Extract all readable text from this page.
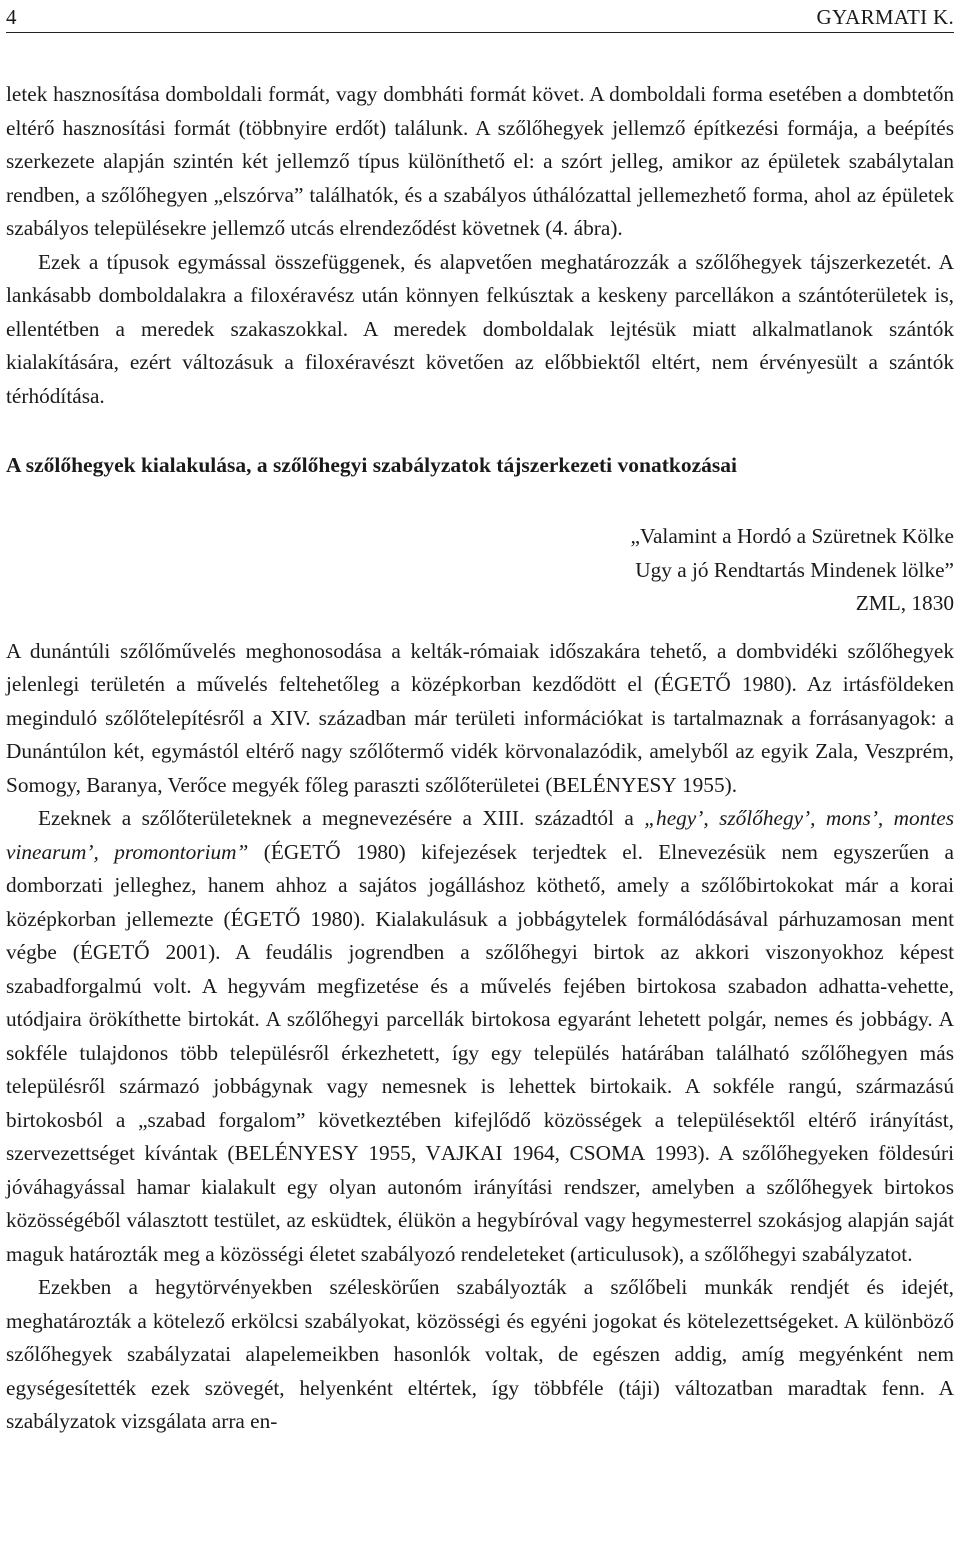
4	GYARMATI K.

letek hasznosítása domboldali formát, vagy dombháti formát követ. A domboldali forma esetében a dombtetőn eltérő hasznosítási formát (többnyire erdőt) találunk. A szőlőhegyek jellemző építkezési formája, a beépítés szerkezete alapján szintén két jellemző típus különíthető el: a szórt jelleg, amikor az épületek szabálytalan rendben, a szőlőhegyen „elszórva” találhatók, és a szabályos úthálózattal jellemezhető forma, ahol az épületek szabályos településekre jellemző utcás elrendeződést követnek (4. ábra).

Ezek a típusok egymással összefüggenek, és alapvetően meghatározzák a szőlőhegyek tájszerkezetét. A lankásabb domboldalakra a filoxéravész után könnyen felkúsztak a keskeny parcellákon a szántóterületek is, ellentétben a meredek szakaszokkal. A meredek domboldalak lejtésük miatt alkalmatlanok szántók kialakítására, ezért változásuk a filoxéravészt követően az előbbiektől eltért, nem érvényesült a szántók térhódítása.

A szőlőhegyek kialakulása, a szőlőhegyi szabályzatok tájszerkezeti vonatkozásai
„Valamint a Hordó a Szüretnek Kölke
Ugy a jó Rendtartás Mindenek lölke”
ZML, 1830

A dunántúli szőlőművelés meghonosodása a kelták-rómaiak időszakára tehető, a dombvidéki szőlőhegyek jelenlegi területén a művelés feltehetőleg a középkorban kezdődött el (ÉGETŐ 1980). Az irtásföldeken meginduló szőlőtelepítésről a XIV. században már területi információkat is tartalmaznak a forrásanyagok: a Dunántúlon két, egymástól eltérő nagy szőlőtermő vidék körvonalazódik, amelyből az egyik Zala, Veszprém, Somogy, Baranya, Verőce megyék főleg paraszti szőlőterületei (BELÉNYESY 1955).

Ezeknek a szőlőterületeknek a megnevezésére a XIII. századtól a „hegy’, szőlőhegy’, mons’, montes vinearum’, promontorium” (ÉGETŐ 1980) kifejezések terjedtek el. Elnevezésük nem egyszerűen a domborzati jelleghez, hanem ahhoz a sajátos jogálláshoz köthető, amely a szőlőbirtokokat már a korai középkorban jellemezte (ÉGETŐ 1980). Kialakulásuk a jobbágytelek formálódásával párhuzamosan ment végbe (ÉGETŐ 2001). A feudális jogrendben a szőlőhegyi birtok az akkori viszonyokhoz képest szabadforgalmú volt. A hegyvám megfizetése és a művelés fejében birtokosa szabadon adhatta-vehette, utódjaira örökíthette birtokát. A szőlőhegyi parcellák birtokosa egyaránt lehetett polgár, nemes és jobbágy. A sokféle tulajdonos több településről érkezhetett, így egy település határában található szőlőhegyen más településről származó jobbágynak vagy nemesnek is lehettek birtokaik. A sokféle rangú, származású birtokosból a „szabad forgalom” következtében kifejlődő közösségek a településektől eltérő irányítást, szervezettséget kívántak (BELÉNYESY 1955, VAJKAI 1964, CSOMA 1993). A szőlőhegyeken földesúri jóváhagyással hamar kialakult egy olyan autonóm irányítási rendszer, amelyben a szőlőhegyek birtokos közösségéből választott testület, az esküdtek, élükön a hegybíróval vagy hegymesterrel szokásjog alapján saját maguk határozták meg a közösségi életet szabályozó rendeleteket (articulusok), a szőlőhegyi szabályzatot.

Ezekben a hegytörvényekben széleskörűen szabályozták a szőlőbeli munkák rendjét és idejét, meghatározták a kötelező erkölcsi szabályokat, közösségi és egyéni jogokat és kötelezettségeket. A különböző szőlőhegyek szabályzatai alapelemeikben hasonlók voltak, de egészen addig, amíg megyénként nem egységesítették ezek szövegét, helyenként eltértek, így többféle (táji) változatban maradtak fenn. A szabályzatok vizsgálata arra en-
